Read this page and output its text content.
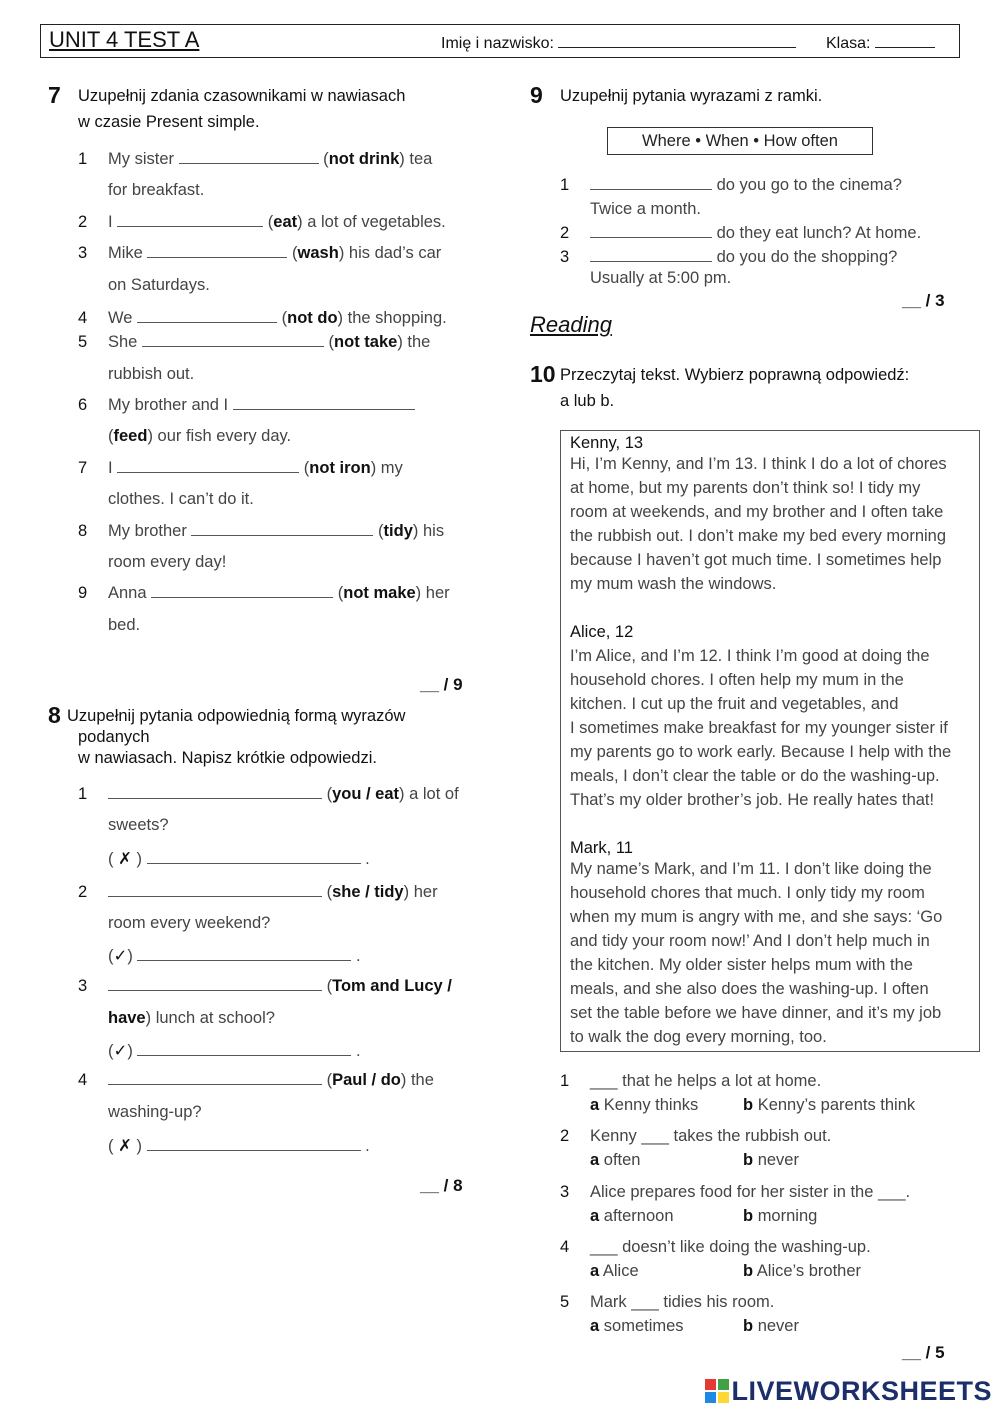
UNIT 4 TEST A	Imię i nazwisko:	Klasa:
7 Uzupełnij zdania czasownikami w nawiasach
w czasie Present simple.
1 My sister	(not drink) tea
for breakfast.
2 I	(eat) a lot of vegetables.
3 Mike	(wash) his dad’s car
on Saturdays.
4 We	(not do) the shopping.
5 She	(not take) the
rubbish out.
6 My brother and I
(feed) our fish every day.
7 I	(not iron) my
clothes. I can’t do it.
8 My brother	(tidy) his
room every day!
9 Anna	(not make) her
bed.
__ / 9
8 Uzupełnij pytania odpowiednią formą wyrazów
podanych
w nawiasach. Napisz krótkie odpowiedzi.
1	(you / eat) a lot of
sweets?
( ✗ )	.
2	(she / tidy) her
room every weekend?
(✓)	.
3	(Tom and Lucy /
have) lunch at school?
(✓)	.
4	(Paul / do) the
washing-up?
( ✗ )	.
__ / 8
9 Uzupełnij pytania wyrazami z ramki.
Where • When • How often
1	do you go to the cinema?
Twice a month.
2	do they eat lunch? At home.
3	do you do the shopping?
Usually at 5:00 pm.
__ / 3
Reading
10 Przeczytaj tekst. Wybierz poprawną odpowiedź:
a lub b.
Kenny, 13
Hi, I’m Kenny, and I’m 13. I think I do a lot of chores
at home, but my parents don’t think so! I tidy my
room at weekends, and my brother and I often take
the rubbish out. I don’t make my bed every morning
because I haven’t got much time. I sometimes help
my mum wash the windows.
Alice, 12
I’m Alice, and I’m 12. I think I’m good at doing the
household chores. I often help my mum in the
kitchen. I cut up the fruit and vegetables, and
I sometimes make breakfast for my younger sister if
my parents go to work early. Because I help with the
meals, I don’t clear the table or do the washing-up.
That’s my older brother’s job. He really hates that!
Mark, 11
My name’s Mark, and I’m 11. I don’t like doing the
household chores that much. I only tidy my room
when my mum is angry with me, and she says: ‘Go
and tidy your room now!’ And I don’t help much in
the kitchen. My older sister helps mum with the
meals, and she also does the washing-up. I often
set the table before we have dinner, and it’s my job
to walk the dog every morning, too.
1 ___ that he helps a lot at home.
a Kenny thinks	b Kenny’s parents think
2 Kenny ___ takes the rubbish out.
a often	b never
3 Alice prepares food for her sister in the ___.
a afternoon	b morning
4 ___ doesn’t like doing the washing-up.
a Alice	b Alice’s brother
5 Mark ___ tidies his room.
a sometimes	b never
__ / 5
LIVEWORKSHEETS
